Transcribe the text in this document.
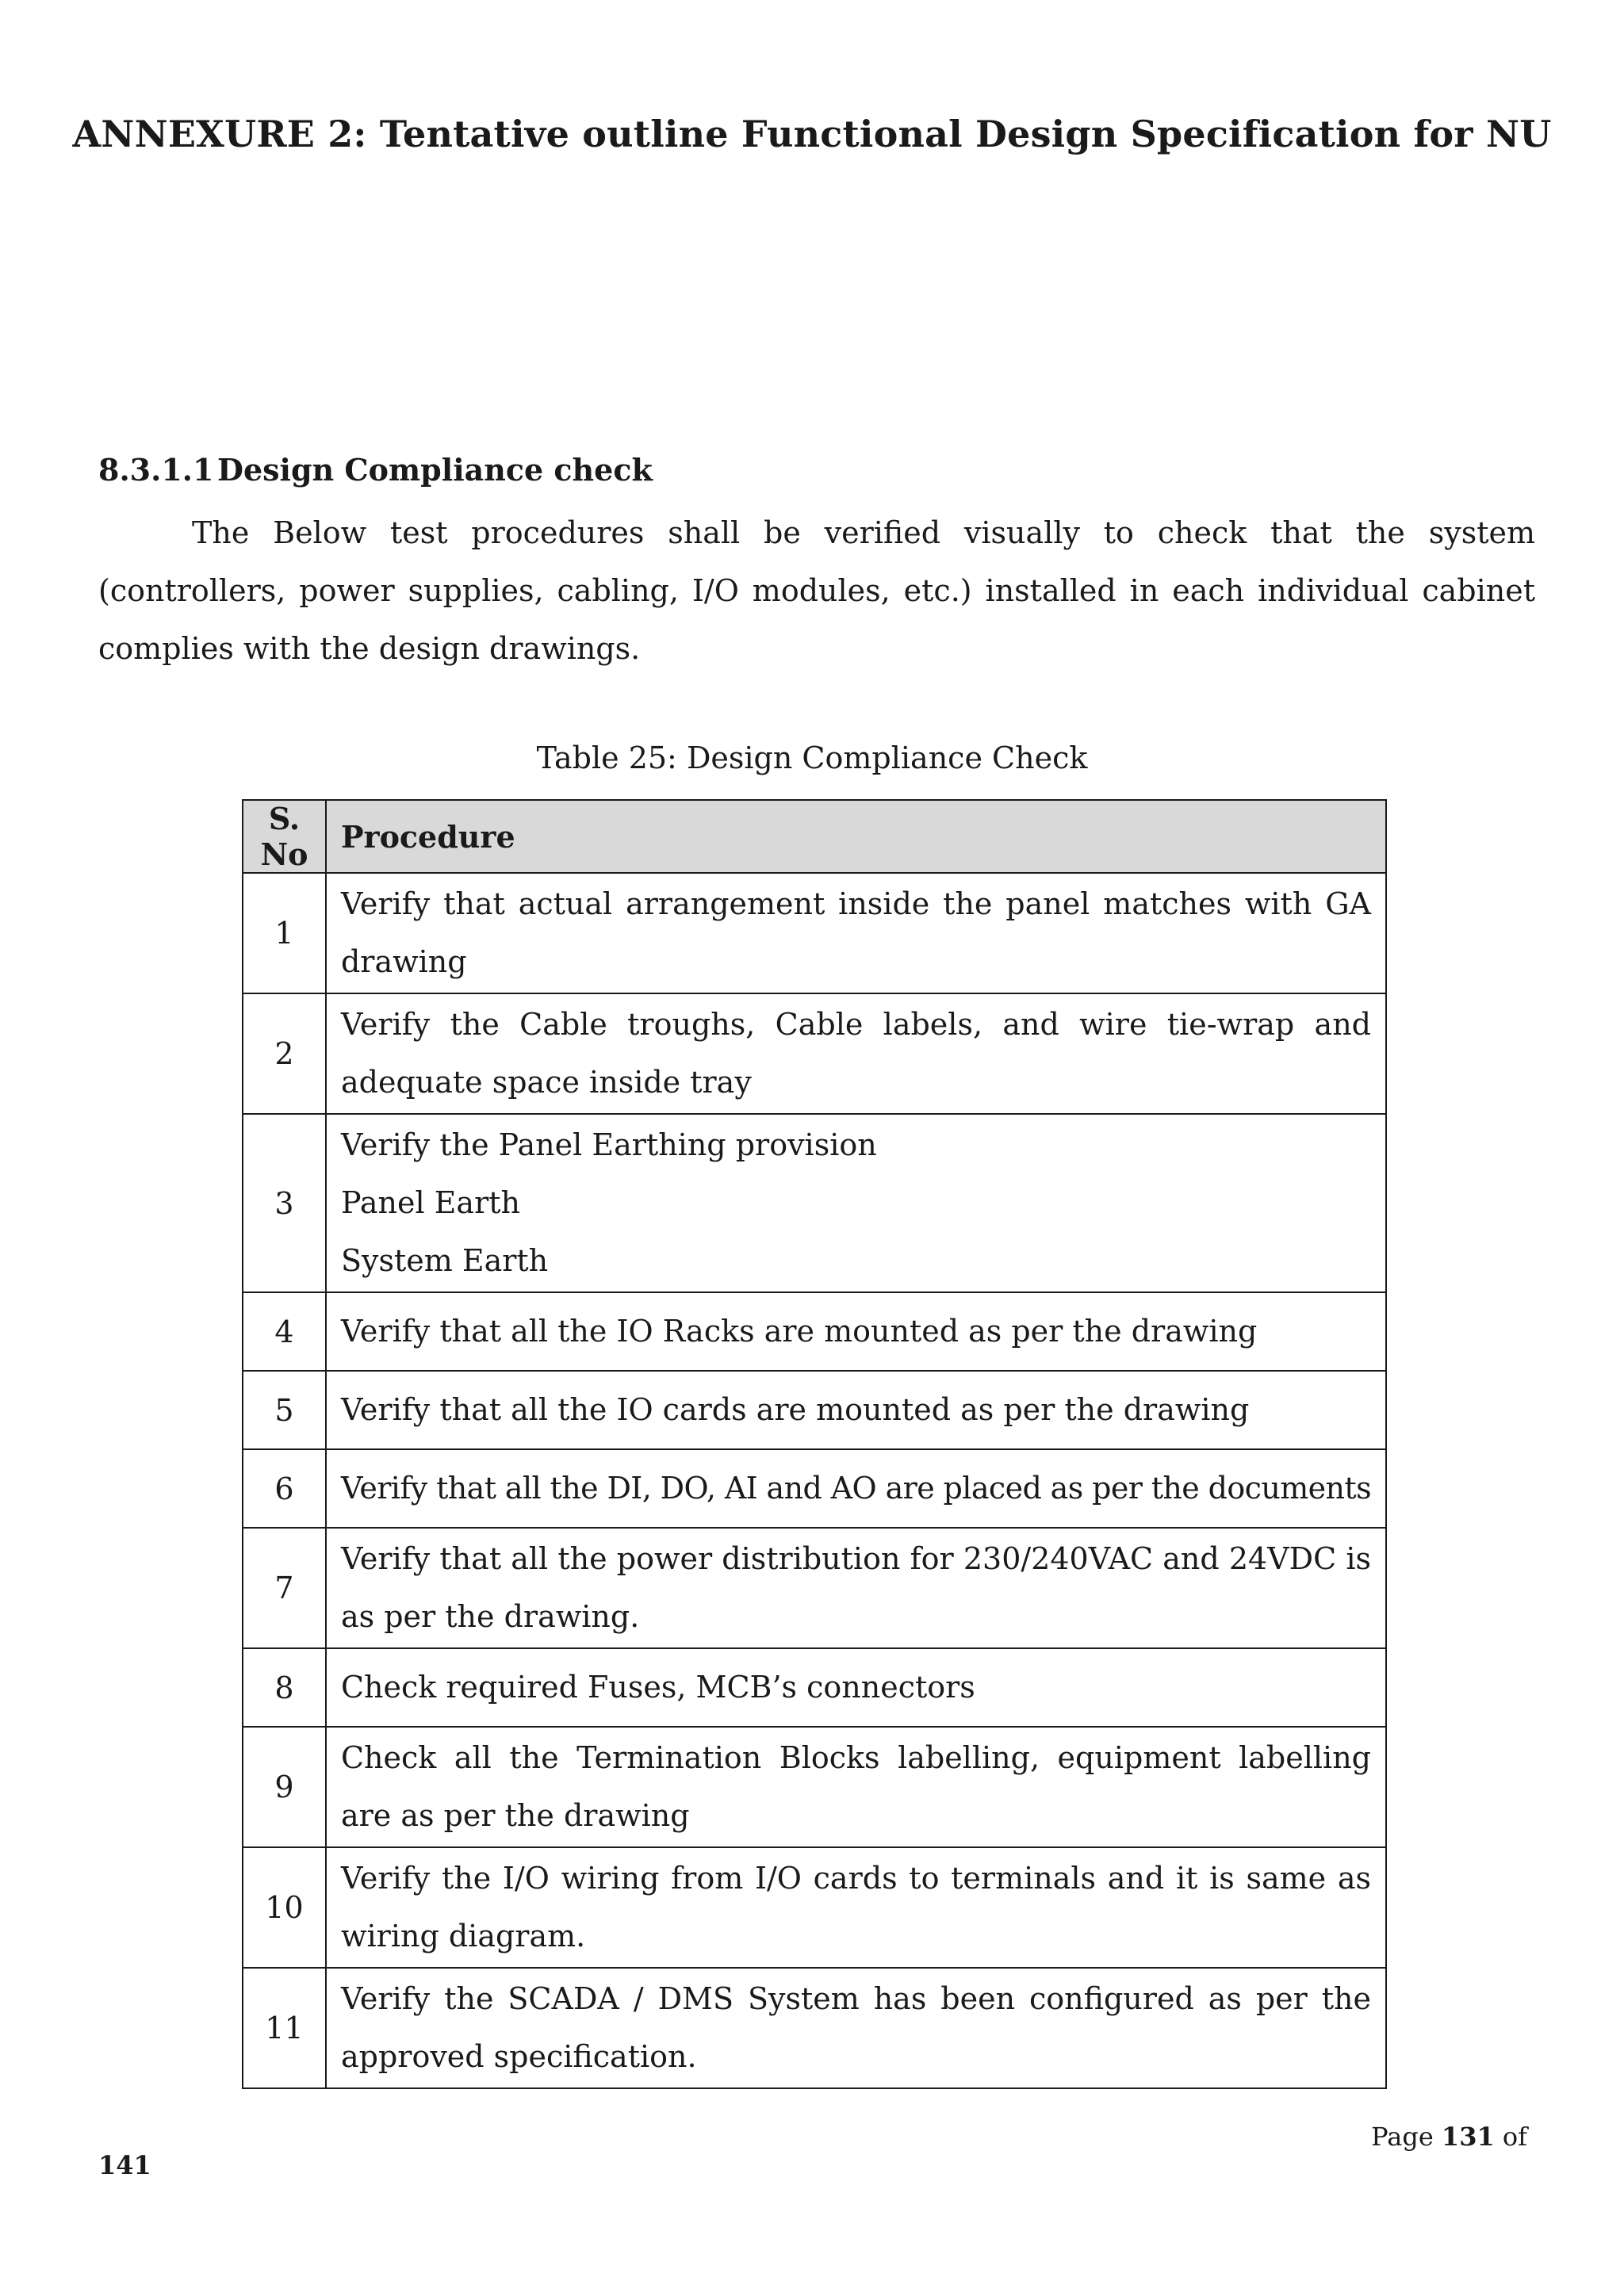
ANNEXURE 2: Tentative outline Functional Design Specification for NU
8.3.1.1 Design Compliance check

The Below test procedures shall be verified visually to check that the system (controllers, power supplies, cabling, I/O modules, etc.) installed in each individual cabinet complies with the design drawings.

Table 25: Design Compliance Check

S. No	Procedure
1	Verify that actual arrangement inside the panel matches with GA drawing
2	Verify the Cable troughs, Cable labels, and wire tie-wrap and adequate space inside tray
3	Verify the Panel Earthing provision
Panel Earth
System Earth

4	Verify that all the IO Racks are mounted as per the drawing
5	Verify that all the IO cards are mounted as per the drawing
6	Verify that all the DI, DO, AI and AO are placed as per the documents
7	Verify that all the power distribution for 230/240VAC and 24VDC is as per the drawing.
8	Check required Fuses, MCB’s connectors
9	Check all the Termination Blocks labelling, equipment labelling are as per the drawing
10	Verify the I/O wiring from I/O cards to terminals and it is same as wiring diagram.
11	Verify the SCADA / DMS System has been configured as per the approved specification.

Page 131 of

141
